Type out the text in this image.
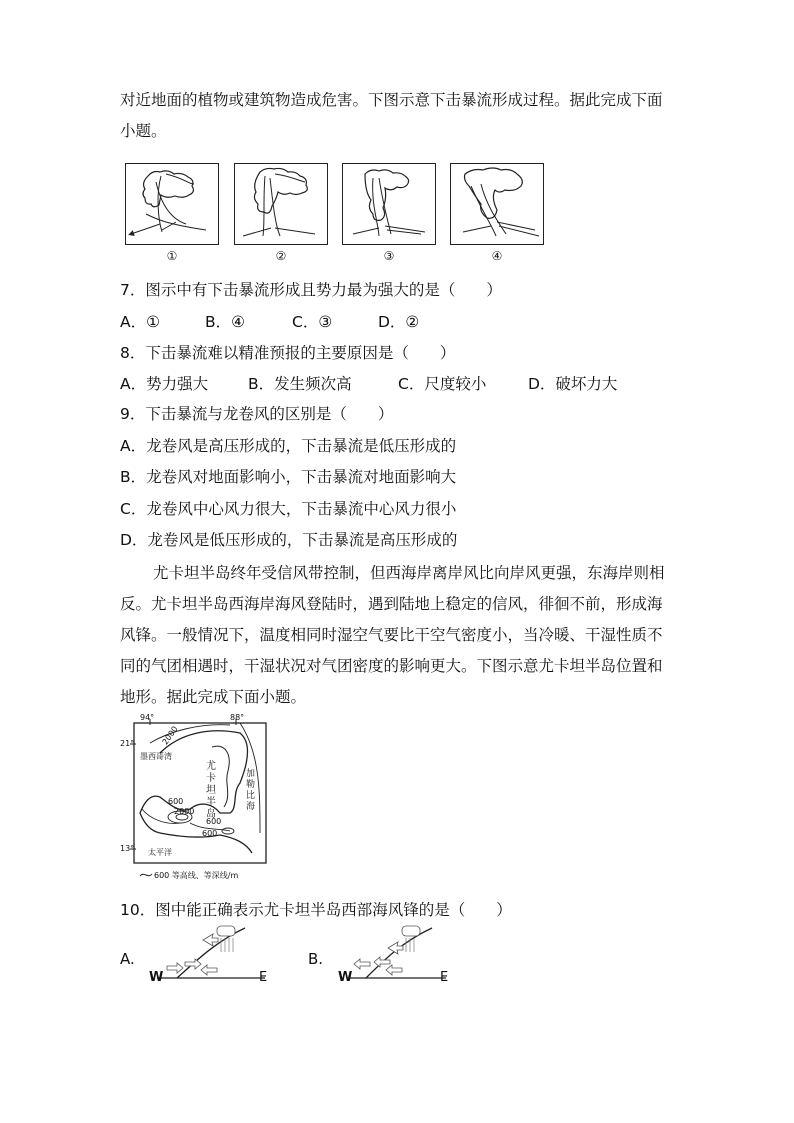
对近地面的植物或建筑物造成危害。下图示意下击暴流形成过程。据此完成下面
小题。
①	②	③	④
7．图示中有下击暴流形成且势力最为强大的是（　　）
A．①	B．④	C．③	D．②
8．下击暴流难以精准预报的主要原因是（　　）
A．势力强大	B．发生频次高	C．尺度较小	D．破坏力大
9．下击暴流与龙卷风的区别是（　　）
A．龙卷风是高压形成的，下击暴流是低压形成的
B．龙卷风对地面影响小，下击暴流对地面影响大
C．龙卷风中心风力很大，下击暴流中心风力很小
D．龙卷风是低压形成的，下击暴流是高压形成的
尤卡坦半岛终年受信风带控制，但西海岸离岸风比向岸风更强，东海岸则相
反。尤卡坦半岛西海岸海风登陆时，遇到陆地上稳定的信风，徘徊不前，形成海
风锋。一般情况下，温度相同时湿空气要比干空气密度小，当冷暖、干湿性质不
同的气团相遇时，干湿状况对气团密度的影响更大。下图示意尤卡坦半岛位置和
地形。据此完成下面小题。
94°	88°
21°
13°
墨西哥湾
2000
尤卡坦半岛
加勒比海
600
2000
600
600
太平洋
600 等高线、等深线/m
10．图中能正确表示尤卡坦半岛西部海风锋的是（　　）
A.
W	E
B.
W	E
